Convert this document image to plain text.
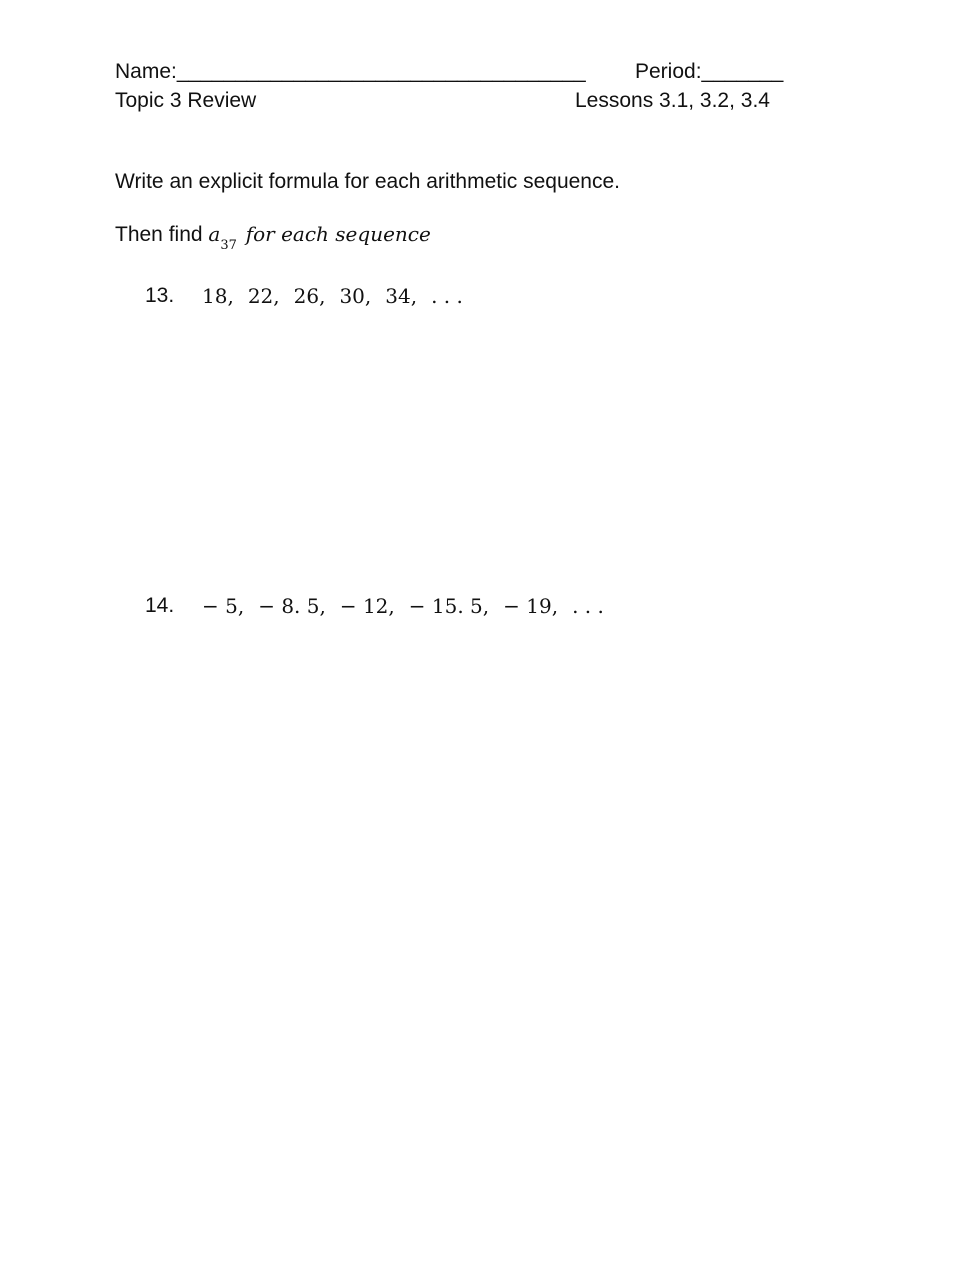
Name:___________________________________ Period:_______
Topic 3 Review	Lessons 3.1, 3.2, 3.4
Write an explicit formula for each arithmetic sequence.
Then find $a_{37}$ for each sequence
13. 18, 22, 26, 30, 34, . . .
14. − 5, − 8. 5, − 12, − 15. 5, − 19, . . .
